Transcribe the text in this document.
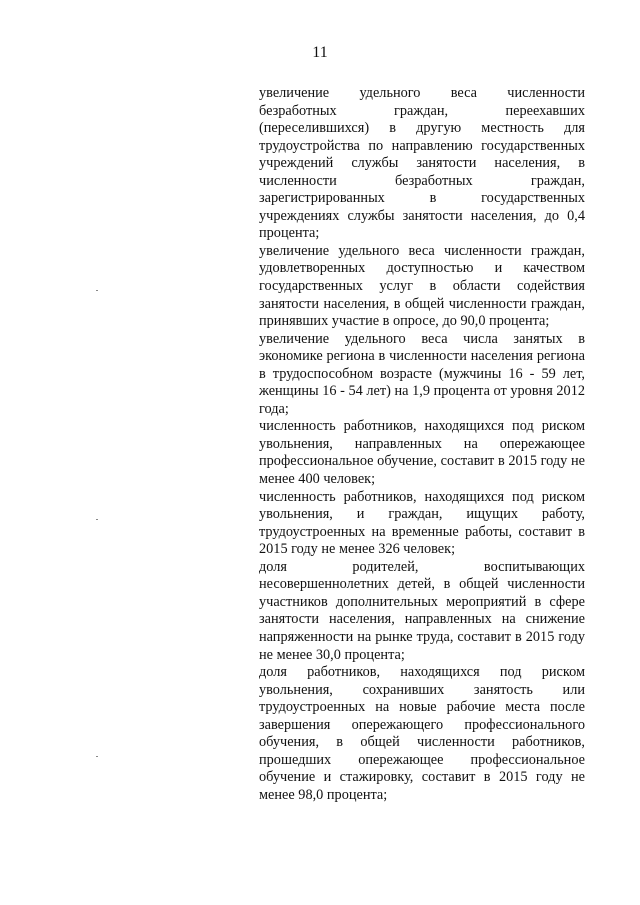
11

увеличение удельного веса численности безработных граждан, переехавших (переселившихся) в другую местность для трудоустройства по направлению государственных учреждений службы занятости населения, в численности безработных граждан, зарегистрированных в государственных учреждениях службы занятости населения, до 0,4 процента;

увеличение удельного веса численности граждан, удовлетворенных доступностью и качеством государственных услуг в области содействия занятости населения, в общей численности граждан, принявших участие в опросе, до 90,0 процента;

увеличение удельного веса числа занятых в экономике региона в численности населения региона в трудоспособном возрасте (мужчины 16 - 59 лет, женщины 16 - 54 лет) на 1,9 процента от уровня 2012 года;

численность работников, находящихся под риском увольнения, направленных на опережающее профессиональное обучение, составит в 2015 году не менее 400 человек;

численность работников, находящихся под риском увольнения, и граждан, ищущих работу, трудоустроенных на временные работы, составит в 2015 году не менее 326 человек;

доля родителей, воспитывающих несовершеннолетних детей, в общей численности участников дополнительных мероприятий в сфере занятости населения, направленных на снижение напряженности на рынке труда, составит в 2015 году не менее 30,0 процента;

доля работников, находящихся под риском увольнения, сохранивших занятость или трудоустроенных на новые рабочие места после завершения опережающего профессионального обучения, в общей численности работников, прошедших опережающее профессиональное обучение и стажировку, составит в 2015 году не менее 98,0 процента;
